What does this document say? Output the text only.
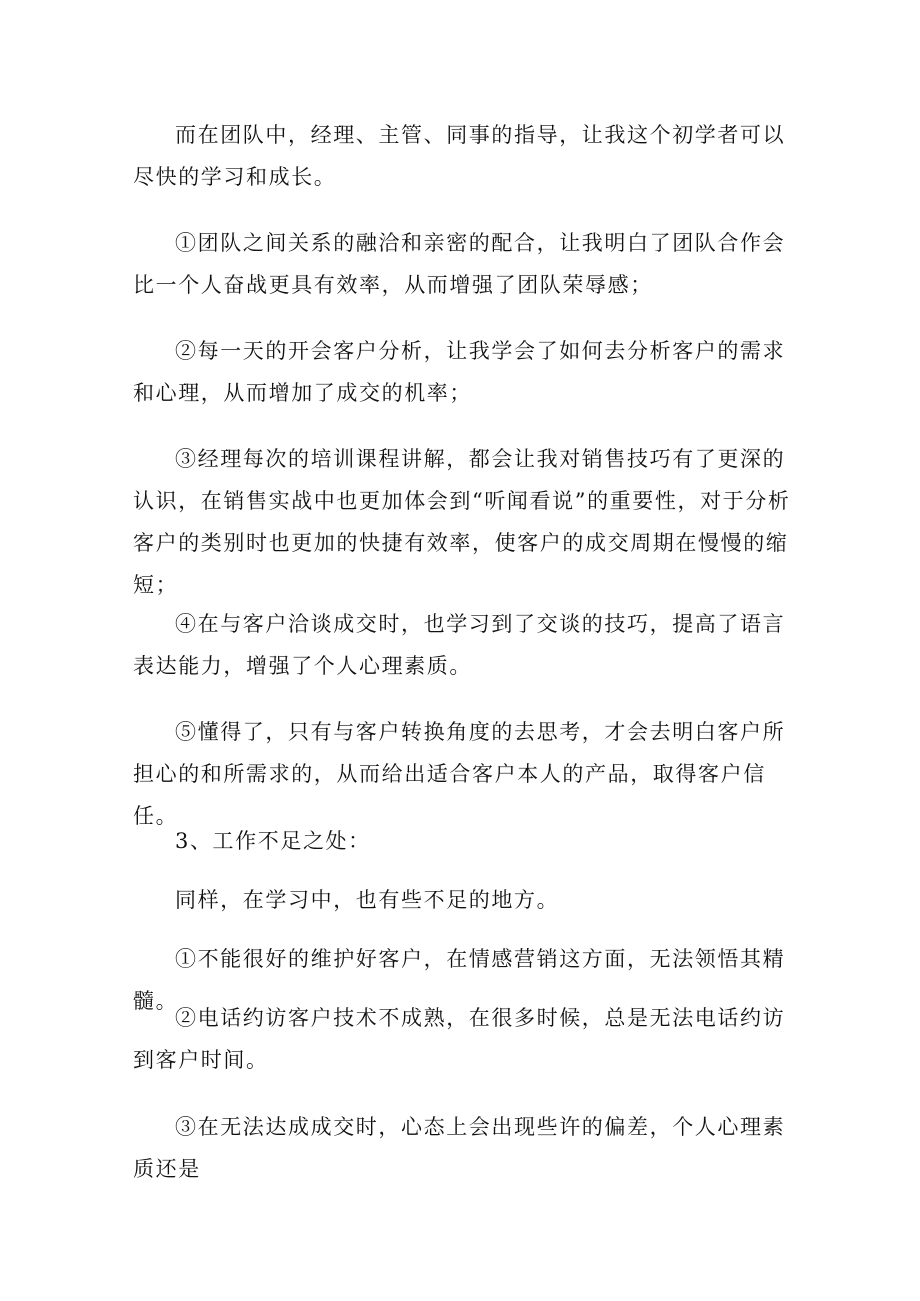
而在团队中，经理、主管、同事的指导，让我这个初学者可以尽快的学习和成长。

①团队之间关系的融洽和亲密的配合，让我明白了团队合作会比一个人奋战更具有效率，从而增强了团队荣辱感；

②每一天的开会客户分析，让我学会了如何去分析客户的需求和心理，从而增加了成交的机率；

③经理每次的培训课程讲解，都会让我对销售技巧有了更深的认识，在销售实战中也更加体会到“听闻看说”的重要性，对于分析客户的类别时也更加的快捷有效率，使客户的成交周期在慢慢的缩短；

④在与客户洽谈成交时，也学习到了交谈的技巧，提高了语言表达能力，增强了个人心理素质。

⑤懂得了，只有与客户转换角度的去思考，才会去明白客户所担心的和所需求的，从而给出适合客户本人的产品，取得客户信任。

3、工作不足之处：

同样，在学习中，也有些不足的地方。

①不能很好的维护好客户，在情感营销这方面，无法领悟其精髓。

②电话约访客户技术不成熟，在很多时候，总是无法电话约访到客户时间。

③在无法达成成交时，心态上会出现些许的偏差，个人心理素质还是
